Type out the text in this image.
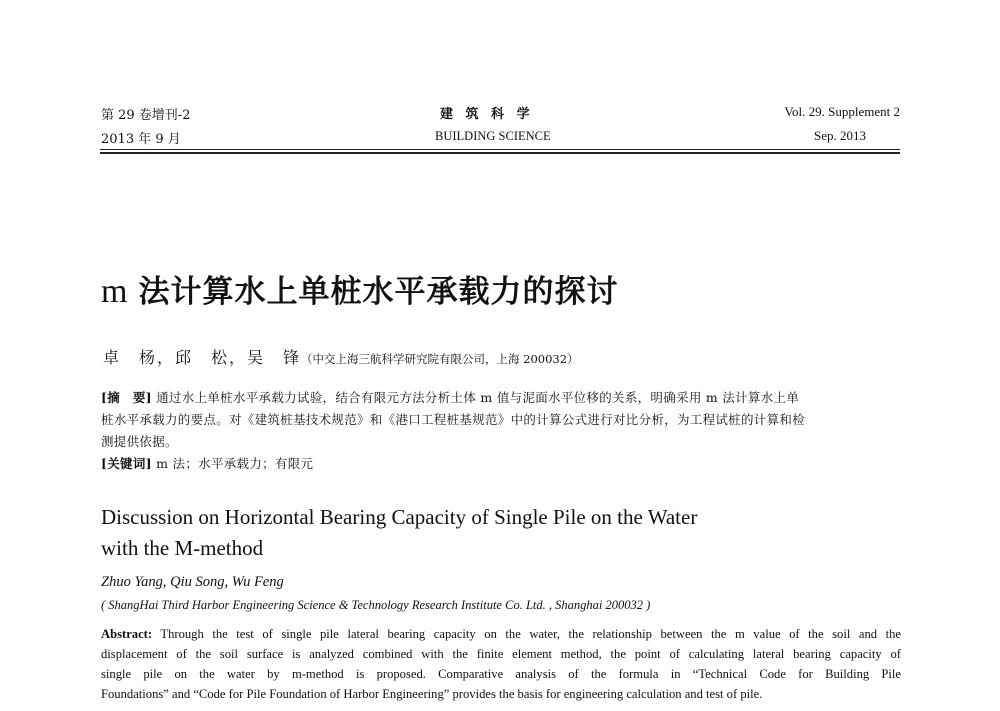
第 29 卷增刊-2
2013 年 9 月
建 筑 科 学
BUILDING SCIENCE
Vol. 29. Supplement 2
Sep. 2013
m 法计算水上单桩水平承载力的探讨
卓　杨，邱　松，吴　锋（中交上海三航科学研究院有限公司，上海 200032）
[摘　要] 通过水上单桩水平承载力试验，结合有限元方法分析土体 m 值与泥面水平位移的关系，明确采用 m 法计算水上单
桩水平承载力的要点。对《建筑桩基技术规范》和《港口工程桩基规范》中的计算公式进行对比分析，为工程试桩的计算和检
测提供依据。
[关键词] m 法；水平承载力；有限元
Discussion on Horizontal Bearing Capacity of Single Pile on the Water
with the M-method
Zhuo Yang, Qiu Song, Wu Feng
( ShangHai Third Harbor Engineering Science & Technology Research Institute Co. Ltd. , Shanghai 200032 )
Abstract: Through the test of single pile lateral bearing capacity on the water, the relationship between the m value of the soil and the
displacement of the soil surface is analyzed combined with the finite element method, the point of calculating lateral bearing capacity of
single pile on the water by m-method is proposed. Comparative analysis of the formula in “Technical Code for Building Pile
Foundations” and “Code for Pile Foundation of Harbor Engineering” provides the basis for engineering calculation and test of pile.
